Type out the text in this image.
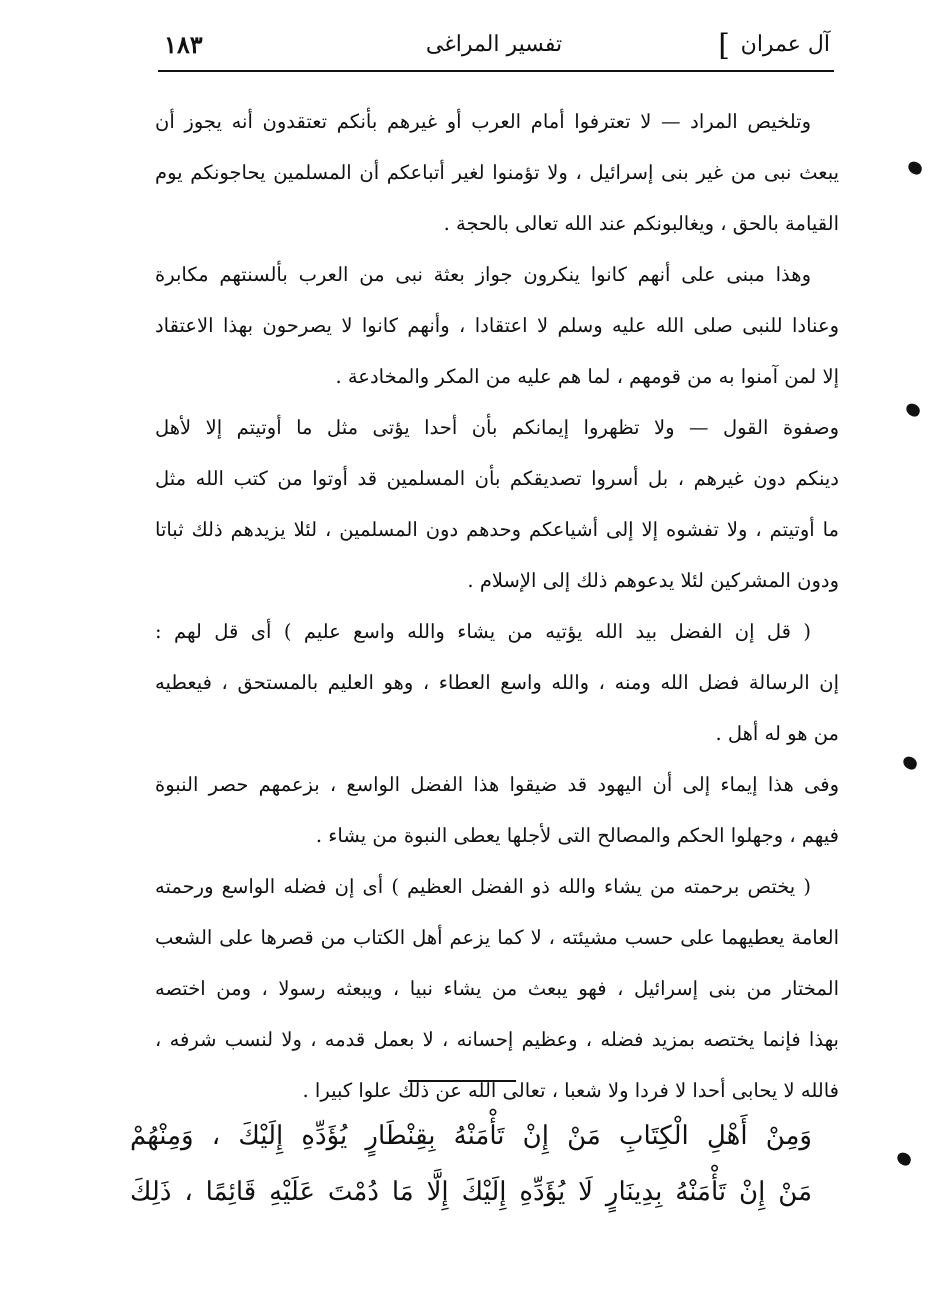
آل عمران
]
تفسير المراغى
١٨٣
وتلخيص المراد — لا تعترفوا أمام العرب أو غيرهم بأنكم تعتقدون أنه يجوز أن
يبعث نبى من غير بنى إسرائيل ، ولا تؤمنوا لغير أتباعكم أن المسلمين يحاجونكم يوم
القيامة بالحق ، ويغالبونكم عند الله تعالى بالحجة .
وهذا مبنى على أنهم كانوا ينكرون جواز بعثة نبى من العرب بألسنتهم مكابرة
وعنادا للنبى صلى الله عليه وسلم لا اعتقادا ، وأنهم كانوا لا يصرحون بهذا الاعتقاد
إلا لمن آمنوا به من قومهم ، لما هم عليه من المكر والمخادعة .
وصفوة القول — ولا تظهروا إيمانكم بأن أحدا يؤتى مثل ما أوتيتم إلا لأهل
دينكم دون غيرهم ، بل أسروا تصديقكم بأن المسلمين قد أوتوا من كتب الله مثل
ما أوتيتم ، ولا تفشوه إلا إلى أشياعكم وحدهم دون المسلمين ، لئلا يزيدهم ذلك ثباتا
ودون المشركين لئلا يدعوهم ذلك إلى الإسلام .
( قل إن الفضل بيد الله يؤتيه من يشاء والله واسع عليم ) أى قل لهم :
إن الرسالة فضل الله ومنه ، والله واسع العطاء ، وهو العليم بالمستحق ، فيعطيه
من هو له أهل .
وفى هذا إيماء إلى أن اليهود قد ضيقوا هذا الفضل الواسع ، بزعمهم حصر النبوة
فيهم ، وجهلوا الحكم والمصالح التى لأجلها يعطى النبوة من يشاء .
( يختص برحمته من يشاء والله ذو الفضل العظيم ) أى إن فضله الواسع ورحمته
العامة يعطيهما على حسب مشيئته ، لا كما يزعم أهل الكتاب من قصرها على الشعب
المختار من بنى إسرائيل ، فهو يبعث من يشاء نبيا ، ويبعثه رسولا ، ومن اختصه
بهذا فإنما يختصه بمزيد فضله ، وعظيم إحسانه ، لا بعمل قدمه ، ولا لنسب شرفه ،
فالله لا يحابى أحدا لا فردا ولا شعبا ، تعالى الله عن ذلك علوا كبيرا .
وَمِنْ أَهْلِ الْكِتَابِ مَنْ إِنْ تَأْمَنْهُ بِقِنْطَارٍ يُؤَدِّهِ إِلَيْكَ ، وَمِنْهُمْ
مَنْ إِنْ تَأْمَنْهُ بِدِينَارٍ لَا يُؤَدِّهِ إِلَيْكَ إِلَّا مَا دُمْتَ عَلَيْهِ قَائِمًا ، ذَلِكَ
